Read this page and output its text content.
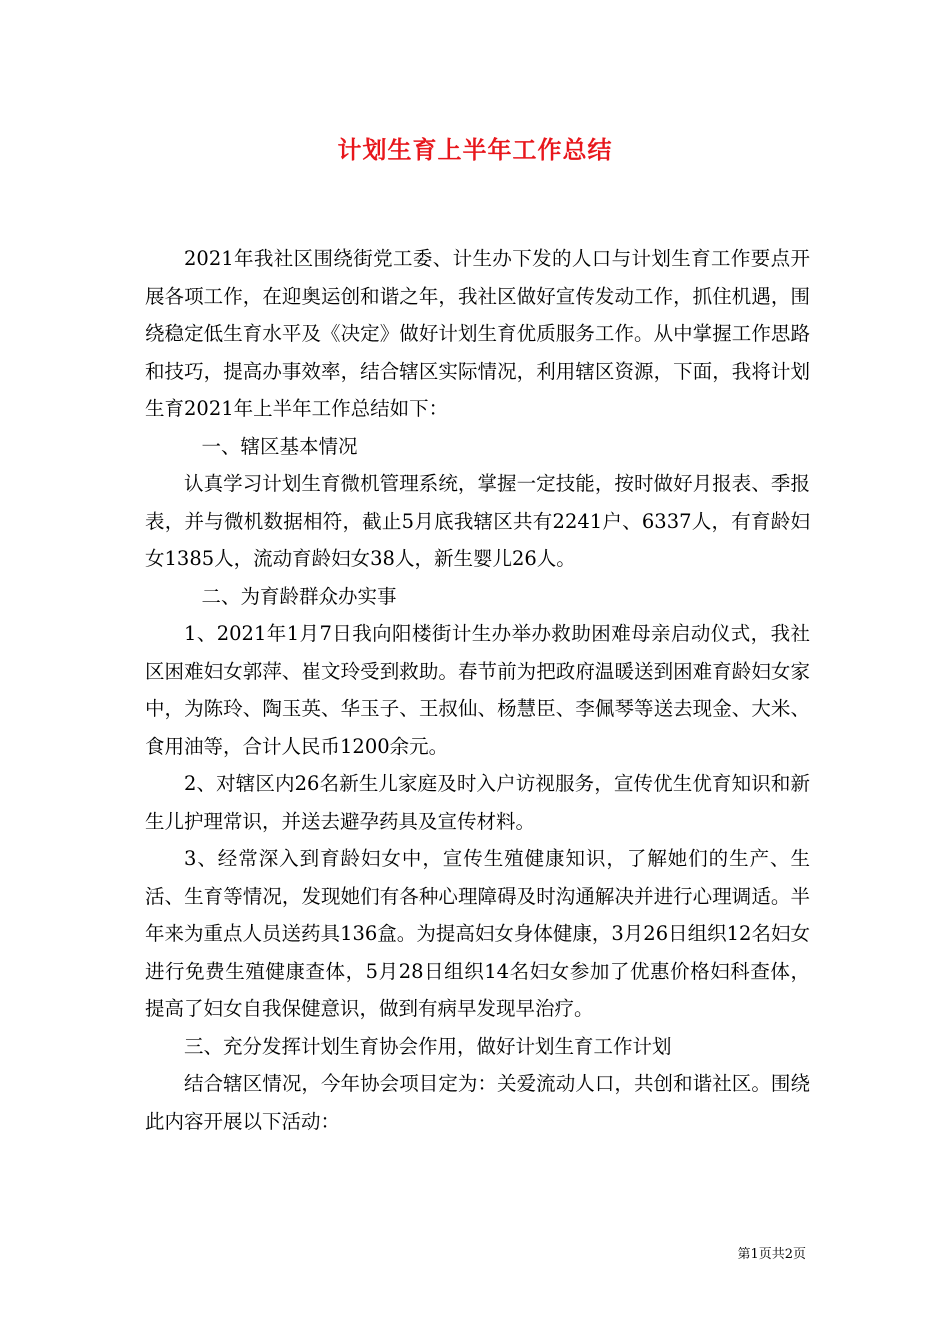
计划生育上半年工作总结

2021年我社区围绕街党工委、计生办下发的人口与计划生育工作要点开展各项工作，在迎奥运创和谐之年，我社区做好宣传发动工作，抓住机遇，围绕稳定低生育水平及《决定》做好计划生育优质服务工作。从中掌握工作思路和技巧，提高办事效率，结合辖区实际情况，利用辖区资源，下面，我将计划生育2021年上半年工作总结如下：

一、辖区基本情况

认真学习计划生育微机管理系统，掌握一定技能，按时做好月报表、季报表，并与微机数据相符，截止5月底我辖区共有2241户、6337人，有育龄妇女1385人，流动育龄妇女38人，新生婴儿26人。

二、为育龄群众办实事

1、2021年1月7日我向阳楼街计生办举办救助困难母亲启动仪式，我社区困难妇女郭萍、崔文玲受到救助。春节前为把政府温暖送到困难育龄妇女家中，为陈玲、陶玉英、华玉子、王叔仙、杨慧臣、李佩琴等送去现金、大米、食用油等，合计人民币1200余元。

2、对辖区内26名新生儿家庭及时入户访视服务，宣传优生优育知识和新生儿护理常识，并送去避孕药具及宣传材料。

3、经常深入到育龄妇女中，宣传生殖健康知识，了解她们的生产、生活、生育等情况，发现她们有各种心理障碍及时沟通解决并进行心理调适。半年来为重点人员送药具136盒。为提高妇女身体健康，3月26日组织12名妇女进行免费生殖健康查体，5月28日组织14名妇女参加了优惠价格妇科查体，提高了妇女自我保健意识，做到有病早发现早治疗。

三、充分发挥计划生育协会作用，做好计划生育工作计划

结合辖区情况，今年协会项目定为：关爱流动人口，共创和谐社区。围绕此内容开展以下活动：

第1页共2页
